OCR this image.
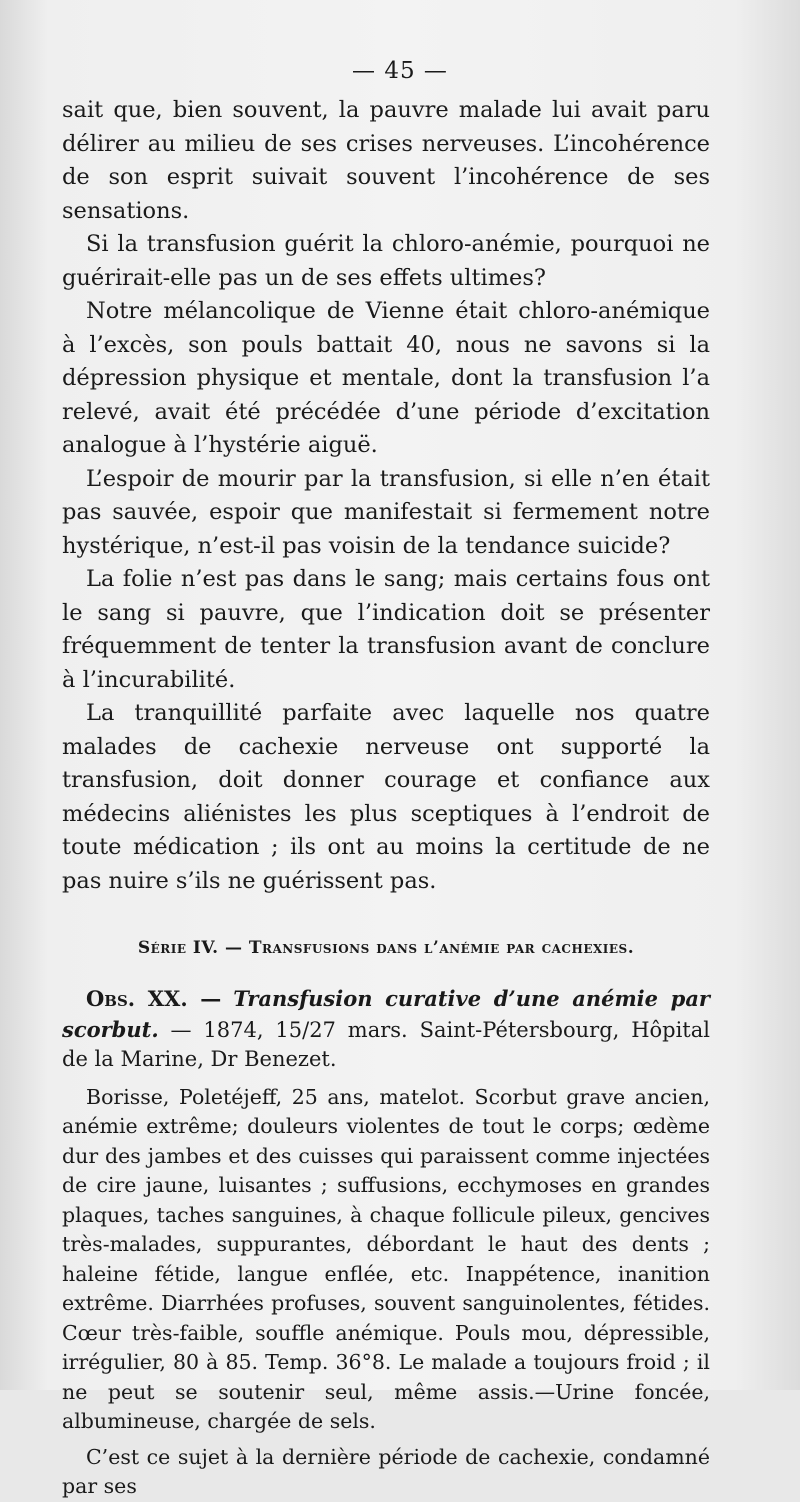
— 45 —

sait que, bien souvent, la pauvre malade lui avait paru délirer au milieu de ses crises nerveuses. L’incohérence de son esprit suivait souvent l’incohérence de ses sensations.

Si la transfusion guérit la chloro-anémie, pourquoi ne guérirait-elle pas un de ses effets ultimes?

Notre mélancolique de Vienne était chloro-anémique à l’excès, son pouls battait 40, nous ne savons si la dépression physique et mentale, dont la transfusion l’a relevé, avait été précédée d’une période d’excitation analogue à l’hystérie aiguë.

L’espoir de mourir par la transfusion, si elle n’en était pas sauvée, espoir que manifestait si fermement notre hystérique, n’est-il pas voisin de la tendance suicide?

La folie n’est pas dans le sang; mais certains fous ont le sang si pauvre, que l’indication doit se présenter fréquemment de tenter la transfusion avant de conclure à l’incurabilité.

La tranquillité parfaite avec laquelle nos quatre malades de cachexie nerveuse ont supporté la transfusion, doit donner courage et confiance aux médecins aliénistes les plus sceptiques à l’endroit de toute médication ; ils ont au moins la certitude de ne pas nuire s’ils ne guérissent pas.

Série IV. — Transfusions dans l’anémie par cachexies.
Obs. XX. — Transfusion curative d’une anémie par scorbut. — 1874, 15/27 mars. Saint-Pétersbourg, Hôpital de la Marine, Dr Benezet.

Borisse, Poletéjeff, 25 ans, matelot. Scorbut grave ancien, anémie extrême; douleurs violentes de tout le corps; œdème dur des jambes et des cuisses qui paraissent comme injectées de cire jaune, luisantes ; suffusions, ecchymoses en grandes plaques, taches sanguines, à chaque follicule pileux, gencives très-malades, suppurantes, débordant le haut des dents ; haleine fétide, langue enflée, etc. Inappétence, inanition extrême. Diarrhées profuses, souvent sanguinolentes, fétides. Cœur très-faible, souffle anémique. Pouls mou, dépressible, irrégulier, 80 à 85. Temp. 36°8. Le malade a toujours froid ; il ne peut se soutenir seul, même assis.—Urine foncée, albumineuse, chargée de sels.

C’est ce sujet à la dernière période de cachexie, condamné par ses
